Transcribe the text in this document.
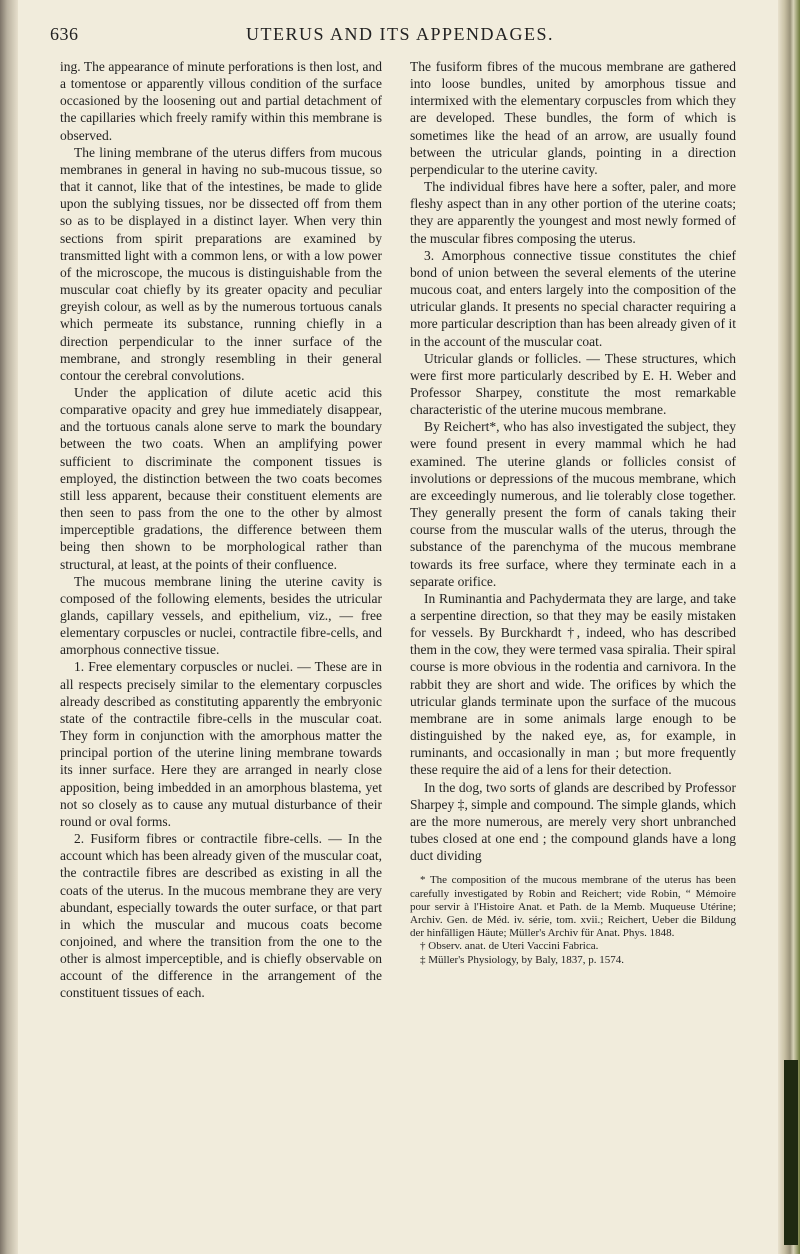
636	UTERUS AND ITS APPENDAGES.

ing. The appearance of minute perforations is then lost, and a tomentose or apparently villous condition of the surface occasioned by the loosening out and partial detachment of the capillaries which freely ramify within this membrane is observed.

The lining membrane of the uterus differs from mucous membranes in general in having no sub-mucous tissue, so that it cannot, like that of the intestines, be made to glide upon the sublying tissues, nor be dissected off from them so as to be displayed in a distinct layer. When very thin sections from spirit preparations are examined by transmitted light with a common lens, or with a low power of the microscope, the mucous is distinguishable from the muscular coat chiefly by its greater opacity and peculiar greyish colour, as well as by the numerous tortuous canals which permeate its substance, running chiefly in a direction perpendicular to the inner surface of the membrane, and strongly resembling in their general contour the cerebral convolutions.

Under the application of dilute acetic acid this comparative opacity and grey hue immediately disappear, and the tortuous canals alone serve to mark the boundary between the two coats. When an amplifying power sufficient to discriminate the component tissues is employed, the distinction between the two coats becomes still less apparent, because their constituent elements are then seen to pass from the one to the other by almost imperceptible gradations, the difference between them being then shown to be morphological rather than structural, at least, at the points of their confluence.

The mucous membrane lining the uterine cavity is composed of the following elements, besides the utricular glands, capillary vessels, and epithelium, viz., — free elementary corpuscles or nuclei, contractile fibre-cells, and amorphous connective tissue.

1. Free elementary corpuscles or nuclei. — These are in all respects precisely similar to the elementary corpuscles already described as constituting apparently the embryonic state of the contractile fibre-cells in the muscular coat. They form in conjunction with the amorphous matter the principal portion of the uterine lining membrane towards its inner surface. Here they are arranged in nearly close apposition, being imbedded in an amorphous blastema, yet not so closely as to cause any mutual disturbance of their round or oval forms.

2. Fusiform fibres or contractile fibre-cells. — In the account which has been already given of the muscular coat, the contractile fibres are described as existing in all the coats of the uterus. In the mucous membrane they are very abundant, especially towards the outer surface, or that part in which the muscular and mucous coats become conjoined, and where the transition from the one to the other is almost imperceptible, and is chiefly observable on account of the difference in the arrangement of the constituent tissues of each.

The fusiform fibres of the mucous membrane are gathered into loose bundles, united by amorphous tissue and intermixed with the elementary corpuscles from which they are developed. These bundles, the form of which is sometimes like the head of an arrow, are usually found between the utricular glands, pointing in a direction perpendicular to the uterine cavity.

The individual fibres have here a softer, paler, and more fleshy aspect than in any other portion of the uterine coats; they are apparently the youngest and most newly formed of the muscular fibres composing the uterus.

3. Amorphous connective tissue constitutes the chief bond of union between the several elements of the uterine mucous coat, and enters largely into the composition of the utricular glands. It presents no special character requiring a more particular description than has been already given of it in the account of the muscular coat.

Utricular glands or follicles. — These structures, which were first more particularly described by E. H. Weber and Professor Sharpey, constitute the most remarkable characteristic of the uterine mucous membrane.

By Reichert*, who has also investigated the subject, they were found present in every mammal which he had examined. The uterine glands or follicles consist of involutions or depressions of the mucous membrane, which are exceedingly numerous, and lie tolerably close together. They generally present the form of canals taking their course from the muscular walls of the uterus, through the substance of the parenchyma of the mucous membrane towards its free surface, where they terminate each in a separate orifice.

In Ruminantia and Pachydermata they are large, and take a serpentine direction, so that they may be easily mistaken for vessels. By Burckhardt †, indeed, who has described them in the cow, they were termed vasa spiralia. Their spiral course is more obvious in the rodentia and carnivora. In the rabbit they are short and wide. The orifices by which the utricular glands terminate upon the surface of the mucous membrane are in some animals large enough to be distinguished by the naked eye, as, for example, in ruminants, and occasionally in man ; but more frequently these require the aid of a lens for their detection.

In the dog, two sorts of glands are described by Professor Sharpey ‡, simple and compound. The simple glands, which are the more numerous, are merely very short unbranched tubes closed at one end ; the compound glands have a long duct dividing

* The composition of the mucous membrane of the uterus has been carefully investigated by Robin and Reichert; vide Robin, “ Mémoire pour servir à l'Histoire Anat. et Path. de la Memb. Muqueuse Utérine; Archiv. Gen. de Méd. iv. série, tom. xvii.; Reichert, Ueber die Bildung der hinfälligen Häute; Müller's Archiv für Anat. Phys. 1848.

† Observ. anat. de Uteri Vaccini Fabrica.

‡ Müller's Physiology, by Baly, 1837, p. 1574.
